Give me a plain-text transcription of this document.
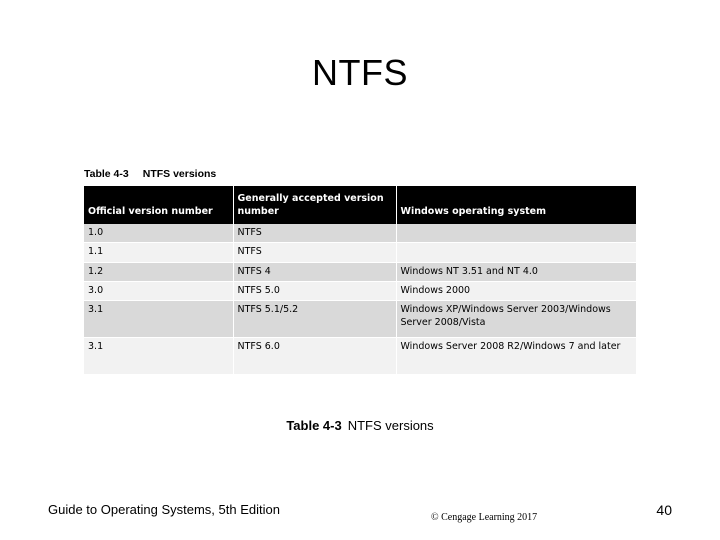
NTFS
Table 4-3 NTFS versions
Official version number	Generally accepted version number	Windows operating system
1.0	NTFS	
1.1	NTFS	
1.2	NTFS 4	Windows NT 3.51 and NT 4.0
3.0	NTFS 5.0	Windows 2000
3.1	NTFS 5.1/5.2	Windows XP/Windows Server 2003/Windows Server 2008/Vista
3.1	NTFS 6.0	Windows Server 2008 R2/Windows 7 and later
Table 4-3 NTFS versions
Guide to Operating Systems, 5th Edition
© Cengage Learning 2017	40
